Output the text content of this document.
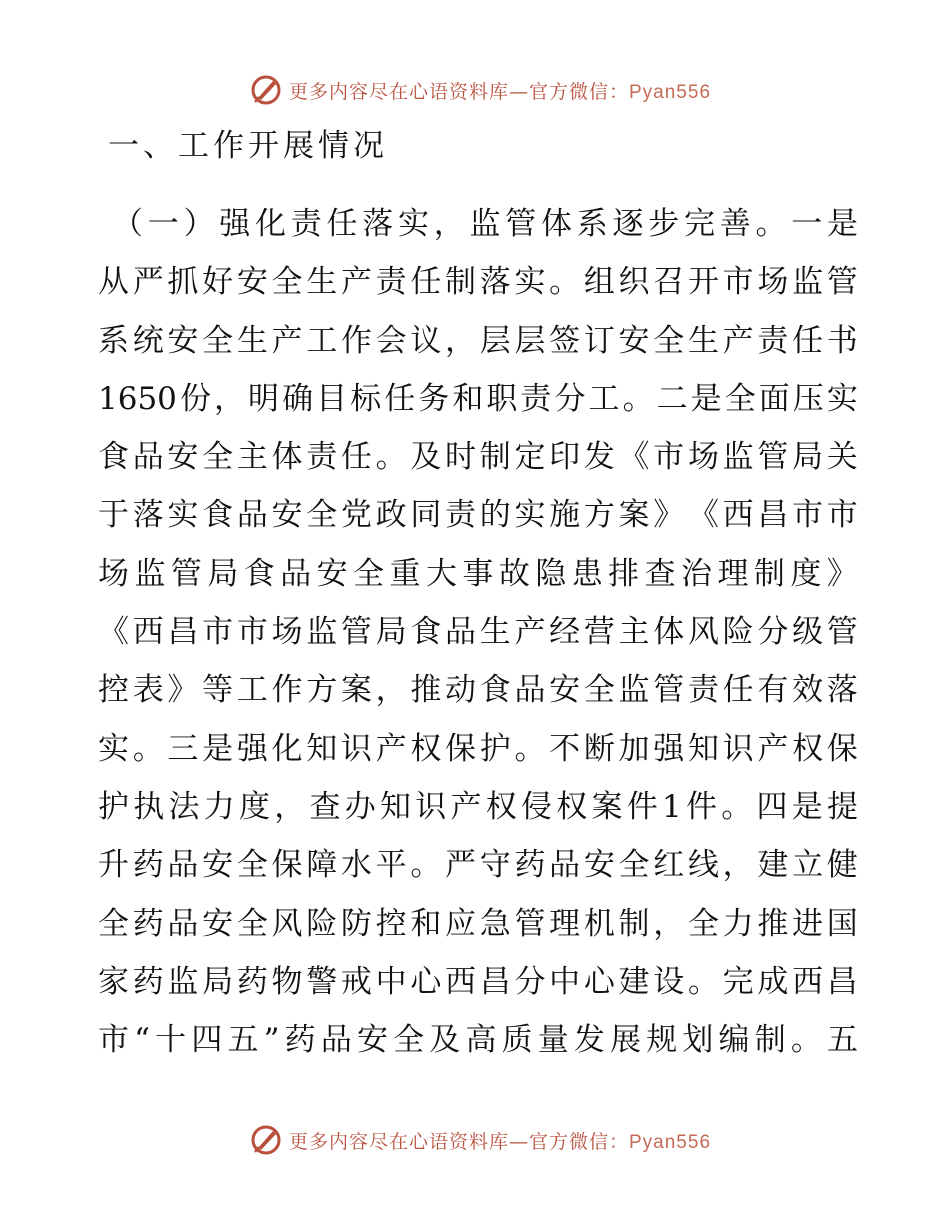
更多内容尽在心语资料库—官方微信：Pyan556
一、工作开展情况
（ 一 ） 强 化 责 任 落 实 ， 监 管 体 系 逐 步 完 善 。 一 是
从 严 抓 好 安 全 生 产 责 任 制 落 实 。 组 织 召 开 市 场 监 管
系 统 安 全 生 产 工 作 会 议 ， 层 层 签 订 安 全 生 产 责 任 书
1650 份 ， 明 确 目 标 任 务 和 职 责 分 工 。 二 是 全 面 压 实
食 品 安 全 主 体 责 任 。 及 时 制 定 印 发 《 市 场 监 管 局 关
于 落 实 食 品 安 全 党 政 同 责 的 实 施 方 案 》 《 西 昌 市 市
场 监 管 局 食 品 安 全 重 大 事 故 隐 患 排 查 治 理 制 度 》
《 西 昌 市 市 场 监 管 局 食 品 生 产 经 营 主 体 风 险 分 级 管
控 表 》 等 工 作 方 案 ， 推 动 食 品 安 全 监 管 责 任 有 效 落
实 。 三 是 强 化 知 识 产 权 保 护 。 不 断 加 强 知 识 产 权 保
护 执 法 力 度 ， 查 办 知 识 产 权 侵 权 案 件 1 件 。 四 是 提
升 药 品 安 全 保 障 水 平 。 严 守 药 品 安 全 红 线 ， 建 立 健
全 药 品 安 全 风 险 防 控 和 应 急 管 理 机 制 ， 全 力 推 进 国
家 药 监 局 药 物 警 戒 中 心 西 昌 分 中 心 建 设 。 完 成 西 昌
市 “ 十 四 五 ” 药 品 安 全 及 高 质 量 发 展 规 划 编 制 。 五
更多内容尽在心语资料库—官方微信：Pyan556
